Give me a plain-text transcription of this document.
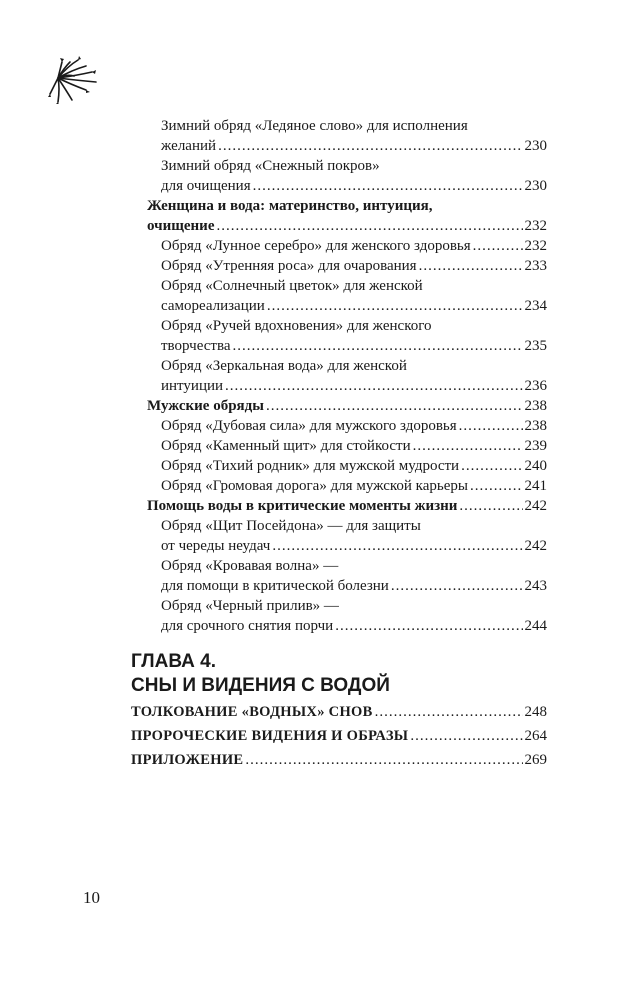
Зимний обряд «Ледяное слово» для исполнения
желаний .....	230
Зимний обряд «Снежный покров»
для очищения .....	230
Женщина и вода: материнство, интуиция,
очищение .....	232
Обряд «Лунное серебро» для женского здоровья .....	232
Обряд «Утренняя роса» для очарования .....	233
Обряд «Солнечный цветок» для женской
самореализации .....	234
Обряд «Ручей вдохновения» для женского
творчества .....	235
Обряд «Зеркальная вода» для женской
интуиции .....	236
Мужские обряды .....	238
Обряд «Дубовая сила» для мужского здоровья .....	238
Обряд «Каменный щит» для стойкости .....	239
Обряд «Тихий родник» для мужской мудрости .....	240
Обряд «Громовая дорога» для мужской карьеры .....	241
Помощь воды в критические моменты жизни .....	242
Обряд «Щит Посейдона» — для защиты
от череды неудач .....	242
Обряд «Кровавая волна» —
для помощи в критической болезни .....	243
Обряд «Черный прилив» —
для срочного снятия порчи .....	244
ГЛАВА 4.
СНЫ И ВИДЕНИЯ С ВОДОЙ
ТОЛКОВАНИЕ «ВОДНЫХ» СНОВ .....	248
ПРОРОЧЕСКИЕ ВИДЕНИЯ И ОБРАЗЫ .....	264
ПРИЛОЖЕНИЕ .....	269
10
